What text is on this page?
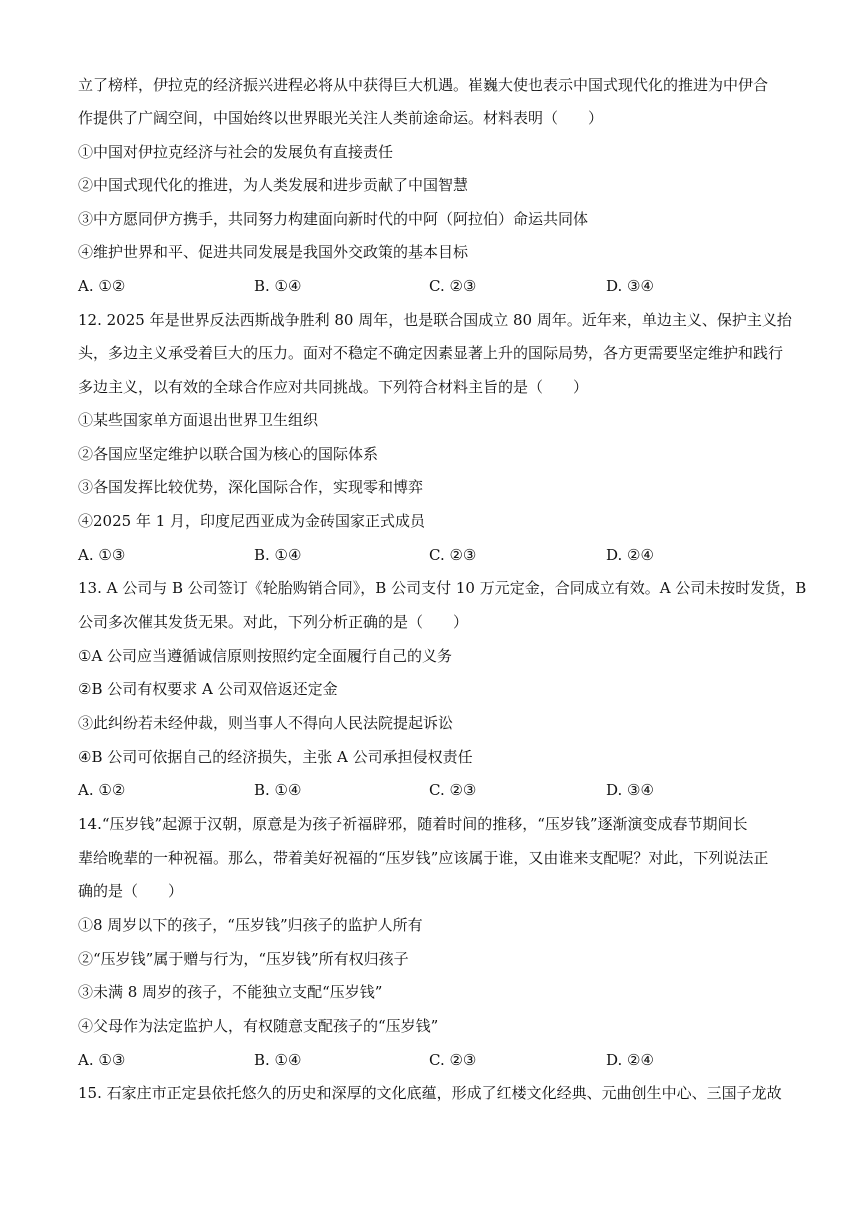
立了榜样，伊拉克的经济振兴进程必将从中获得巨大机遇。崔巍大使也表示中国式现代化的推进为中伊合
作提供了广阔空间，中国始终以世界眼光关注人类前途命运。材料表明（　　）
①中国对伊拉克经济与社会的发展负有直接责任
②中国式现代化的推进，为人类发展和进步贡献了中国智慧
③中方愿同伊方携手，共同努力构建面向新时代的中阿（阿拉伯）命运共同体
④维护世界和平、促进共同发展是我国外交政策的基本目标
A. ①②	B. ①④	C. ②③	D. ③④
12. 2025 年是世界反法西斯战争胜利 80 周年，也是联合国成立 80 周年。近年来，单边主义、保护主义抬
头，多边主义承受着巨大的压力。面对不稳定不确定因素显著上升的国际局势，各方更需要坚定维护和践行
多边主义，以有效的全球合作应对共同挑战。下列符合材料主旨的是（　　）
①某些国家单方面退出世界卫生组织
②各国应坚定维护以联合国为核心的国际体系
③各国发挥比较优势，深化国际合作，实现零和博弈
④2025 年 1 月，印度尼西亚成为金砖国家正式成员
A. ①③	B. ①④	C. ②③	D. ②④
13. A 公司与 B 公司签订《轮胎购销合同》，B 公司支付 10 万元定金，合同成立有效。A 公司未按时发货，B
公司多次催其发货无果。对此，下列分析正确的是（　　）
①A 公司应当遵循诚信原则按照约定全面履行自己的义务
②B 公司有权要求 A 公司双倍返还定金
③此纠纷若未经仲裁，则当事人不得向人民法院提起诉讼
④B 公司可依据自己的经济损失，主张 A 公司承担侵权责任
A. ①②	B. ①④	C. ②③	D. ③④
14.“压岁钱”起源于汉朝，原意是为孩子祈福辟邪，随着时间的推移，“压岁钱”逐渐演变成春节期间长
辈给晚辈的一种祝福。那么，带着美好祝福的“压岁钱”应该属于谁，又由谁来支配呢？对此，下列说法正
确的是（　　）
①8 周岁以下的孩子，“压岁钱”归孩子的监护人所有
②“压岁钱”属于赠与行为，“压岁钱”所有权归孩子
③未满 8 周岁的孩子，不能独立支配“压岁钱”
④父母作为法定监护人，有权随意支配孩子的“压岁钱”
A. ①③	B. ①④	C. ②③	D. ②④
15. 石家庄市正定县依托悠久的历史和深厚的文化底蕴，形成了红楼文化经典、元曲创生中心、三国子龙故
